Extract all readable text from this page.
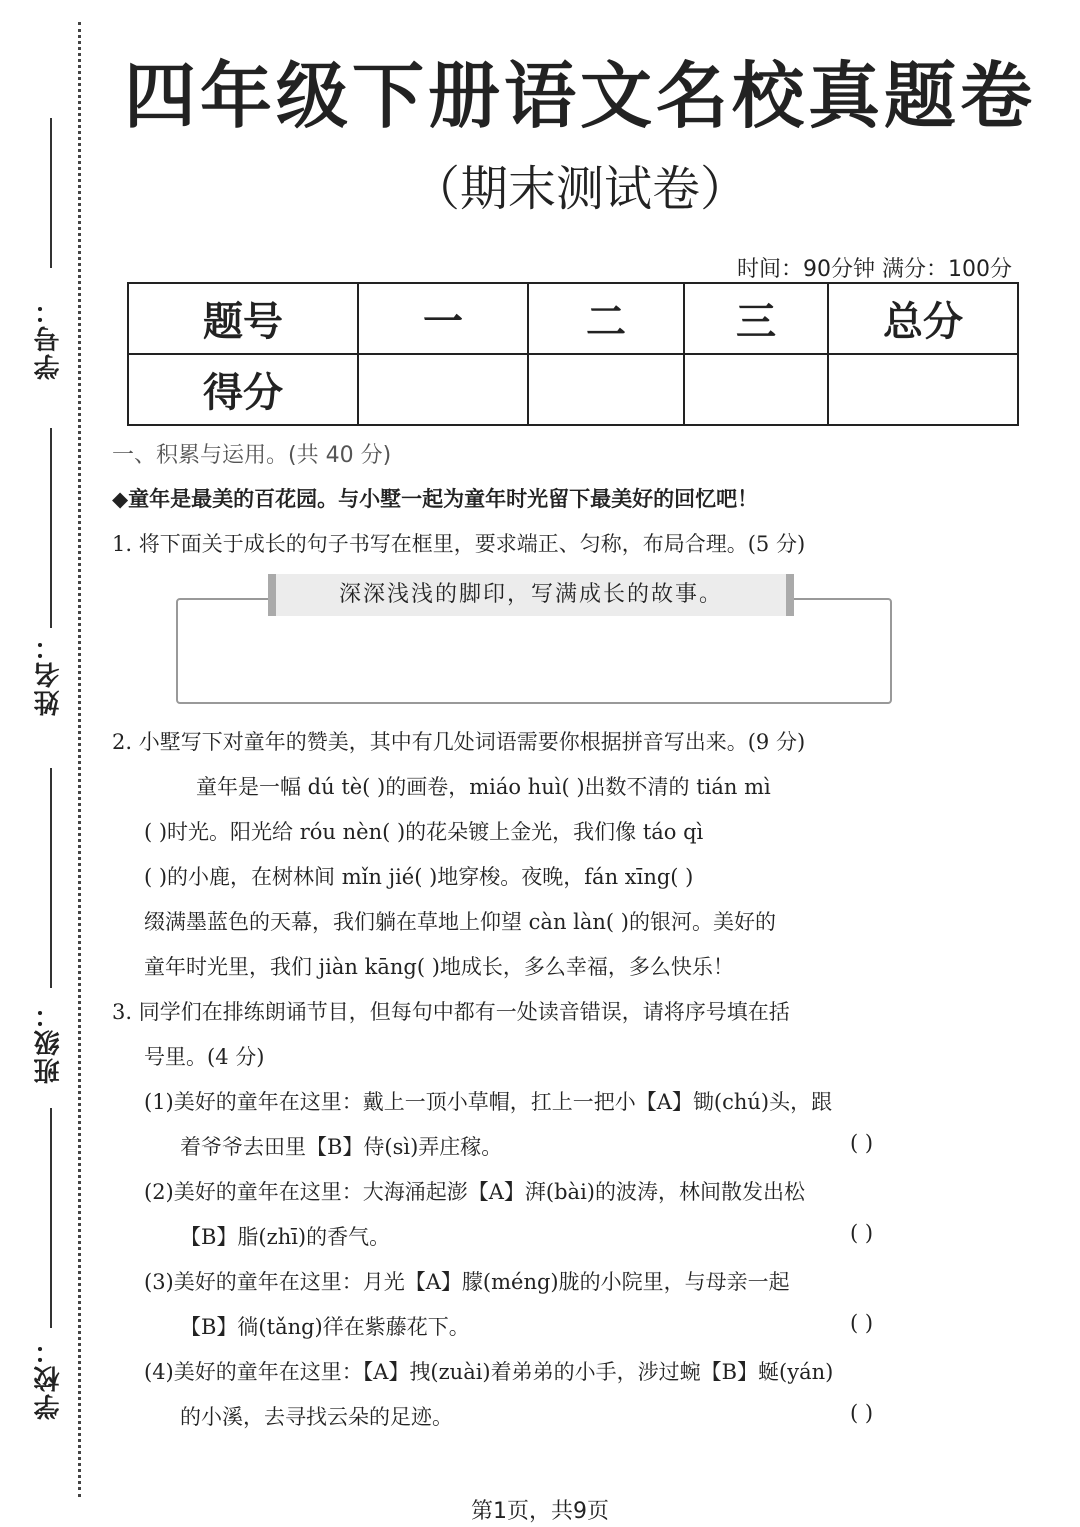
学号：
姓名：
班级：
学校：
四年级下册语文名校真题卷
（期末测试卷）
时间：90分钟 满分：100分
题号	一	二	三	总分
得分				
一、积累与运用。(共 40 分)
◆童年是最美的百花园。与小墅一起为童年时光留下最美好的回忆吧！
1. 将下面关于成长的句子书写在框里，要求端正、匀称，布局合理。(5 分)
深深浅浅的脚印，写满成长的故事。
2. 小墅写下对童年的赞美，其中有几处词语需要你根据拼音写出来。(9 分)
童年是一幅 dú tè( )的画卷，miáo huì( )出数不清的 tián mì
( )时光。阳光给 róu nèn( )的花朵镀上金光，我们像 táo qì
( )的小鹿，在树林间 mǐn jié( )地穿梭。夜晚，fán xīng( )
缀满墨蓝色的天幕，我们躺在草地上仰望 càn làn( )的银河。美好的
童年时光里，我们 jiàn kāng( )地成长，多么幸福，多么快乐！
3. 同学们在排练朗诵节目，但每句中都有一处读音错误，请将序号填在括
号里。(4 分)
(1)美好的童年在这里：戴上一顶小草帽，扛上一把小【A】锄(chú)头，跟
着爷爷去田里【B】侍(sì)弄庄稼。	( )
(2)美好的童年在这里：大海涌起澎【A】湃(bài)的波涛，林间散发出松
【B】脂(zhī)的香气。	( )
(3)美好的童年在这里：月光【A】朦(méng)胧的小院里，与母亲一起
【B】徜(tǎng)徉在紫藤花下。	( )
(4)美好的童年在这里：【A】拽(zuài)着弟弟的小手，涉过蜿【B】蜒(yán)
的小溪，去寻找云朵的足迹。	( )
第1页，共9页
